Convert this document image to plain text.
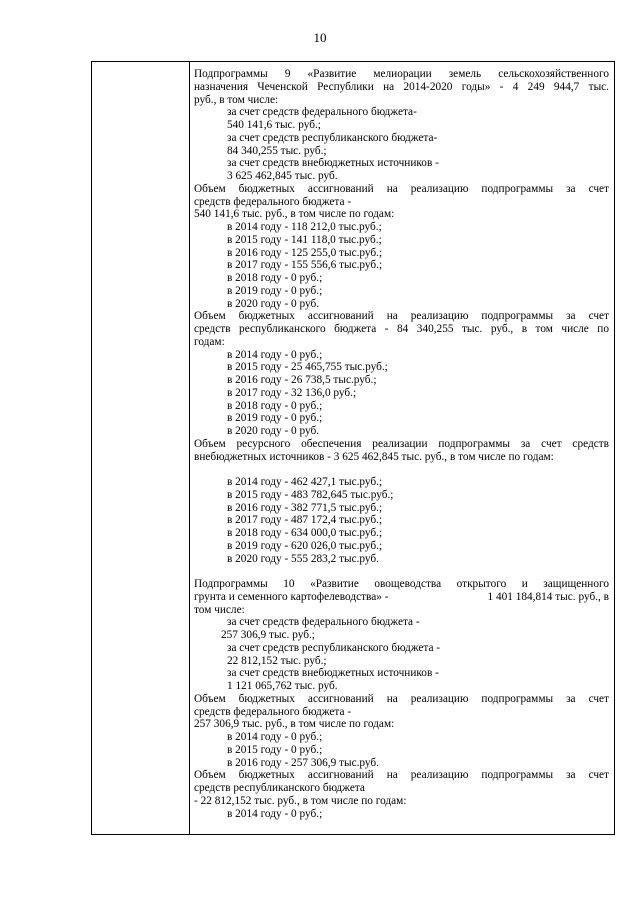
10
Подпрограммы 9 «Развитие мелиорации земель сельскохозяйственного
назначения Чеченской Республики на 2014-2020 годы» - 4 249 944,7 тыс.
руб., в том числе:
за счет средств федерального бюджета-
540 141,6 тыс. руб.;
за счет средств республиканского бюджета-
84 340,255 тыс. руб.;
за счет средств внебюджетных источников -
3 625 462,845 тыс. руб.
Объем бюджетных ассигнований на реализацию подпрограммы за счет
средств федерального бюджета -
540 141,6 тыс. руб., в том числе по годам:
в 2014 году - 118 212,0 тыс.руб.;
в 2015 году - 141 118,0 тыс.руб.;
в 2016 году - 125 255,0 тыс.руб.;
в 2017 году - 155 556,6 тыс.руб.;
в 2018 году - 0 руб.;
в 2019 году - 0 руб.;
в 2020 году - 0 руб.
Объем бюджетных ассигнований на реализацию подпрограммы за счет
средств республиканского бюджета - 84 340,255 тыс. руб., в том числе по
годам:
в 2014 году - 0 руб.;
в 2015 году - 25 465,755 тыс.руб.;
в 2016 году - 26 738,5 тыс.руб.;
в 2017 году - 32 136,0 руб.;
в 2018 году - 0 руб.;
в 2019 году - 0 руб.;
в 2020 году - 0 руб.
Объем ресурсного обеспечения реализации подпрограммы за счет средств
внебюджетных источников - 3 625 462,845 тыс. руб., в том числе по годам:
в 2014 году - 462 427,1 тыс.руб.;
в 2015 году - 483 782,645 тыс.руб.;
в 2016 году - 382 771,5 тыс.руб.;
в 2017 году - 487 172,4 тыс.руб.;
в 2018 году - 634 000,0 тыс.руб.;
в 2019 году - 620 026,0 тыс.руб.;
в 2020 году - 555 283,2 тыс.руб.
Подпрограммы 10 «Развитие овощеводства открытого и защищенного
грунта и семенного картофелеводства» -	1 401 184,814 тыс. руб., в
том числе:
за счет средств федерального бюджета -
257 306,9 тыс. руб.;
за счет средств республиканского бюджета -
22 812,152 тыс. руб.;
за счет средств внебюджетных источников -
1 121 065,762 тыс. руб.
Объем бюджетных ассигнований на реализацию подпрограммы за счет
средств федерального бюджета -
257 306,9 тыс. руб., в том числе по годам:
в 2014 году - 0 руб.;
в 2015 году - 0 руб.;
в 2016 году - 257 306,9 тыс.руб.
Объем бюджетных ассигнований на реализацию подпрограммы за счет
средств республиканского бюджета
- 22 812,152 тыс. руб., в том числе по годам:
в 2014 году - 0 руб.;
